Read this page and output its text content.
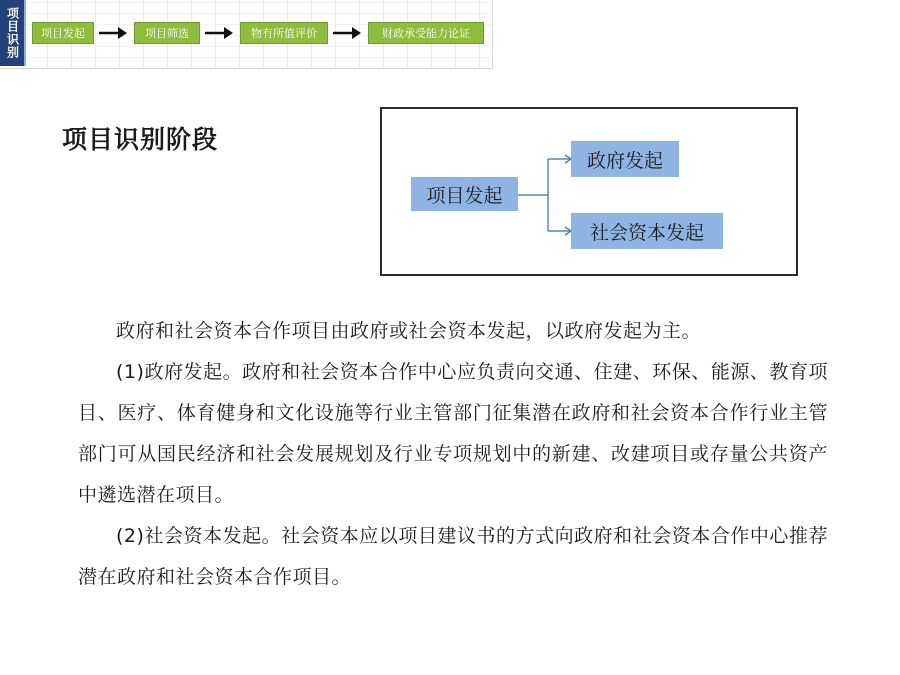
项目识别	项目发起	项目筛选	物有所值评价	财政承受能力论证
项目识别阶段
项目发起
政府发起
社会资本发起

政府和社会资本合作项目由政府或社会资本发起，以政府发起为主。

(1)政府发起。政府和社会资本合作中心应负责向交通、住建、环保、能源、教育项目、医疗、体育健身和文化设施等行业主管部门征集潜在政府和社会资本合作行业主管部门可从国民经济和社会发展规划及行业专项规划中的新建、改建项目或存量公共资产中遴选潜在项目。

(2)社会资本发起。社会资本应以项目建议书的方式向政府和社会资本合作中心推荐潜在政府和社会资本合作项目。
